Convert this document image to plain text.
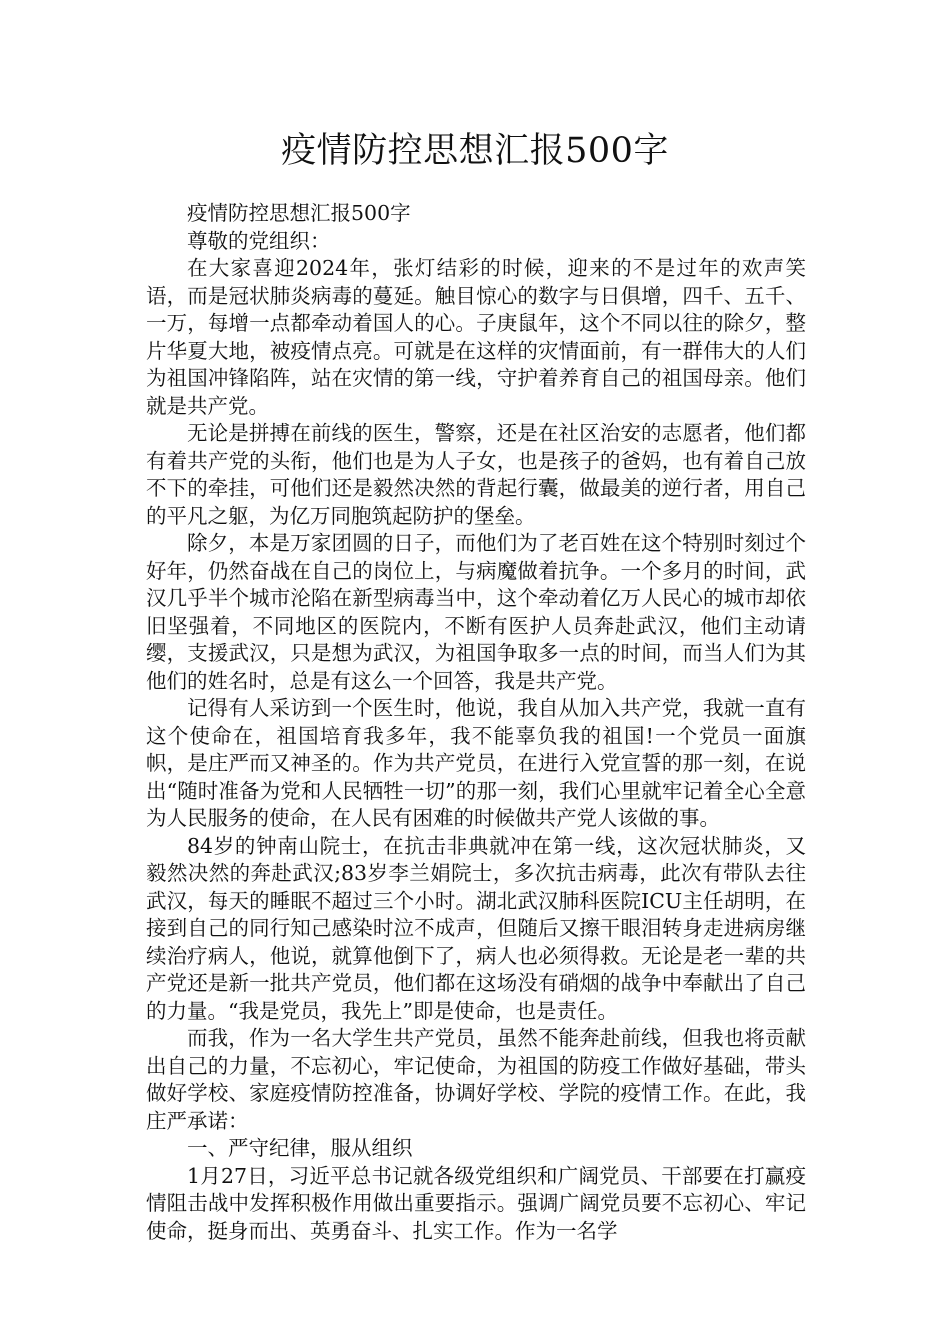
疫情防控思想汇报500字

疫情防控思想汇报500字

尊敬的党组织：

在大家喜迎2024年，张灯结彩的时候，迎来的不是过年的欢声笑语，而是冠状肺炎病毒的蔓延。触目惊心的数字与日俱增，四千、五千、一万，每增一点都牵动着国人的心。子庚鼠年，这个不同以往的除夕，整片华夏大地，被疫情点亮。可就是在这样的灾情面前，有一群伟大的人们为祖国冲锋陷阵，站在灾情的第一线，守护着养育自己的祖国母亲。他们就是共产党。

无论是拼搏在前线的医生，警察，还是在社区治安的志愿者，他们都有着共产党的头衔，他们也是为人子女，也是孩子的爸妈，也有着自己放不下的牵挂，可他们还是毅然决然的背起行囊，做最美的逆行者，用自己的平凡之躯，为亿万同胞筑起防护的堡垒。

除夕，本是万家团圆的日子，而他们为了老百姓在这个特别时刻过个好年，仍然奋战在自己的岗位上，与病魔做着抗争。一个多月的时间，武汉几乎半个城市沦陷在新型病毒当中，这个牵动着亿万人民心的城市却依旧坚强着，不同地区的医院内，不断有医护人员奔赴武汉，他们主动请缨，支援武汉，只是想为武汉，为祖国争取多一点的时间，而当人们为其他们的姓名时，总是有这么一个回答，我是共产党。

记得有人采访到一个医生时，他说，我自从加入共产党，我就一直有这个使命在，祖国培育我多年，我不能辜负我的祖国!一个党员一面旗帜，是庄严而又神圣的。作为共产党员，在进行入党宣誓的那一刻，在说出“随时准备为党和人民牺牲一切”的那一刻，我们心里就牢记着全心全意为人民服务的使命，在人民有困难的时候做共产党人该做的事。

84岁的钟南山院士，在抗击非典就冲在第一线，这次冠状肺炎，又毅然决然的奔赴武汉;83岁李兰娟院士，多次抗击病毒，此次有带队去往武汉，每天的睡眠不超过三个小时。湖北武汉肺科医院ICU主任胡明，在接到自己的同行知己感染时泣不成声，但随后又擦干眼泪转身走进病房继续治疗病人，他说，就算他倒下了，病人也必须得救。无论是老一辈的共产党还是新一批共产党员，他们都在这场没有硝烟的战争中奉献出了自己的力量。“我是党员，我先上”即是使命，也是责任。

而我，作为一名大学生共产党员，虽然不能奔赴前线，但我也将贡献出自己的力量，不忘初心，牢记使命，为祖国的防疫工作做好基础，带头做好学校、家庭疫情防控准备，协调好学校、学院的疫情工作。在此，我庄严承诺：

一、严守纪律，服从组织

1月27日，习近平总书记就各级党组织和广阔党员、干部要在打赢疫情阻击战中发挥积极作用做出重要指示。强调广阔党员要不忘初心、牢记使命，挺身而出、英勇奋斗、扎实工作。作为一名学
